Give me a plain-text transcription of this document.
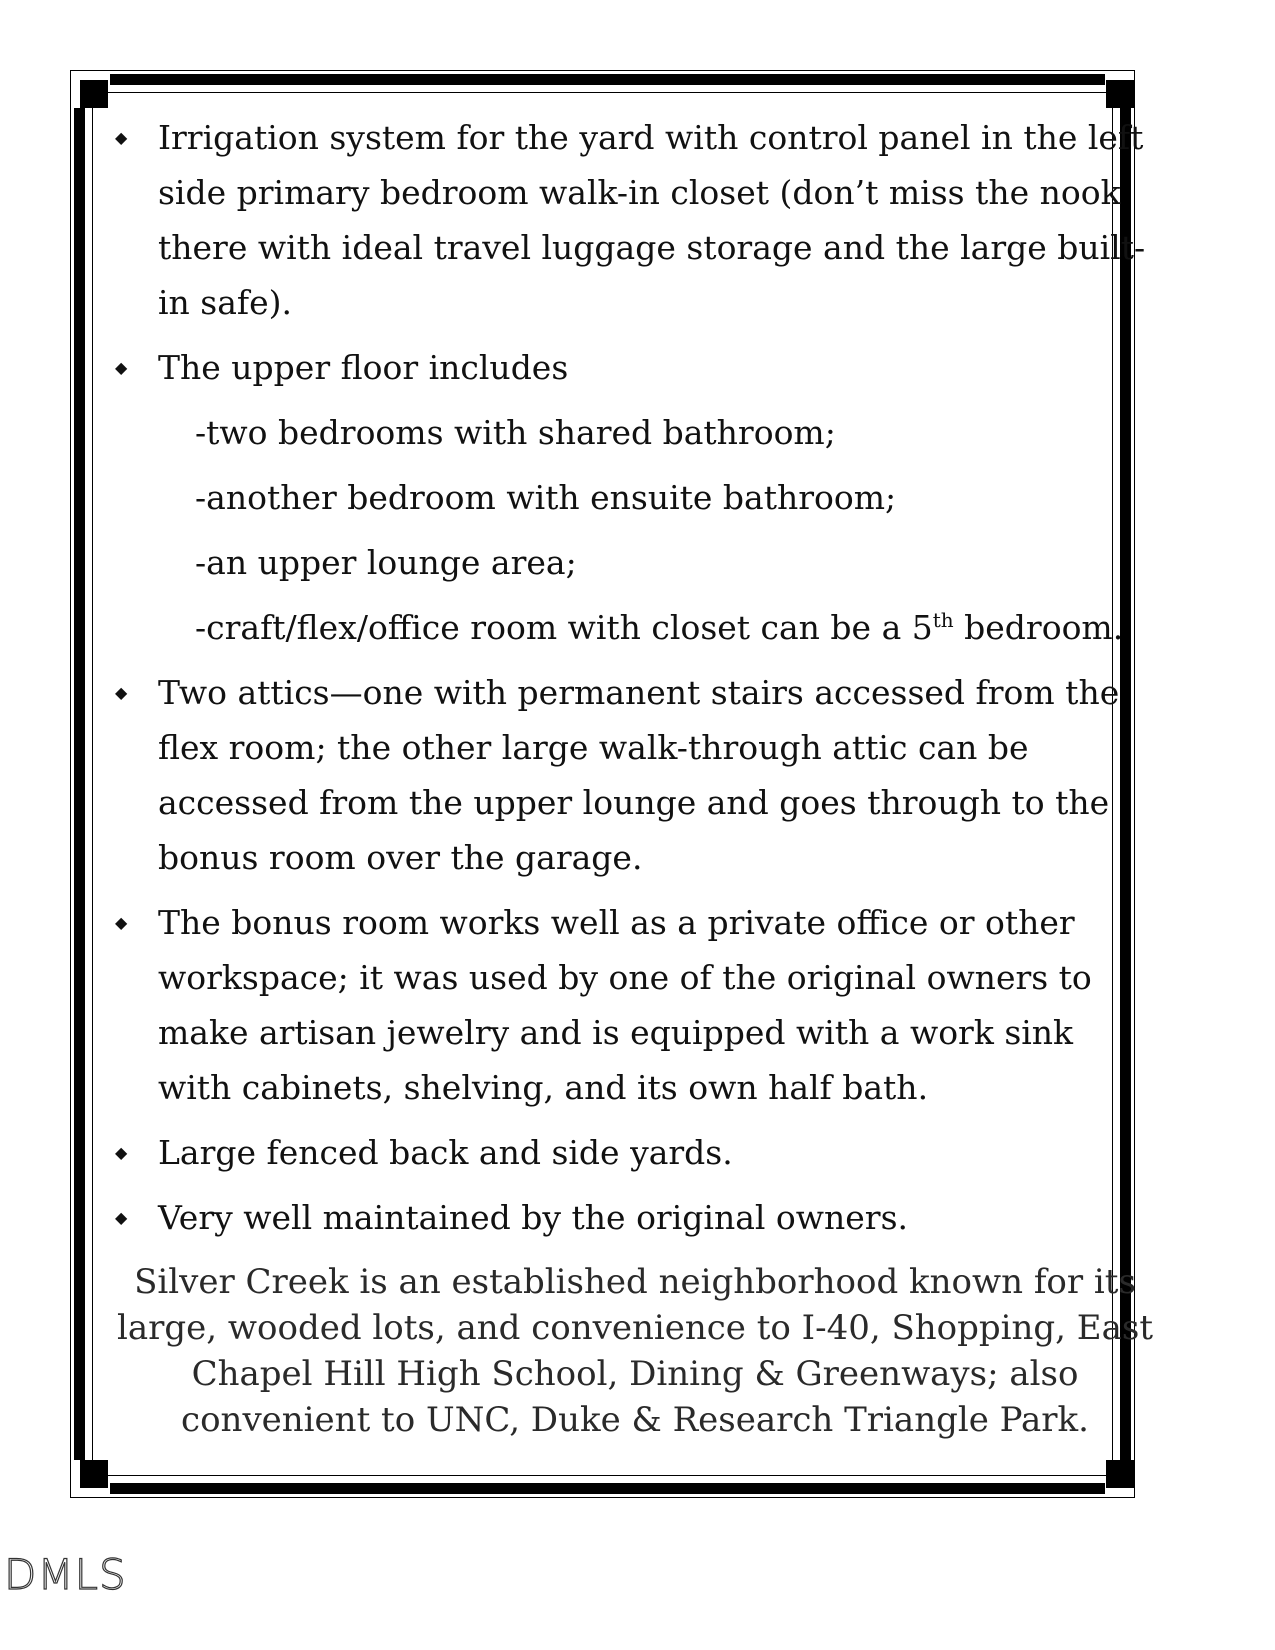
◆ Irrigation system for the yard with control panel in the left side primary bedroom walk-in closet (don’t miss the nook there with ideal travel luggage storage and the large built-in safe).
◆ The upper floor includes
-two bedrooms with shared bathroom;
-another bedroom with ensuite bathroom;
-an upper lounge area;
-craft/flex/office room with closet can be a 5th bedroom.
◆ Two attics—one with permanent stairs accessed from the flex room; the other large walk-through attic can be accessed from the upper lounge and goes through to the bonus room over the garage.
◆ The bonus room works well as a private office or other workspace; it was used by one of the original owners to make artisan jewelry and is equipped with a work sink with cabinets, shelving, and its own half bath.
◆ Large fenced back and side yards.
◆ Very well maintained by the original owners.
Silver Creek is an established neighborhood known for its large, wooded lots, and convenience to I-40, Shopping, East Chapel Hill High School, Dining & Greenways; also convenient to UNC, Duke & Research Triangle Park.
DMLS
